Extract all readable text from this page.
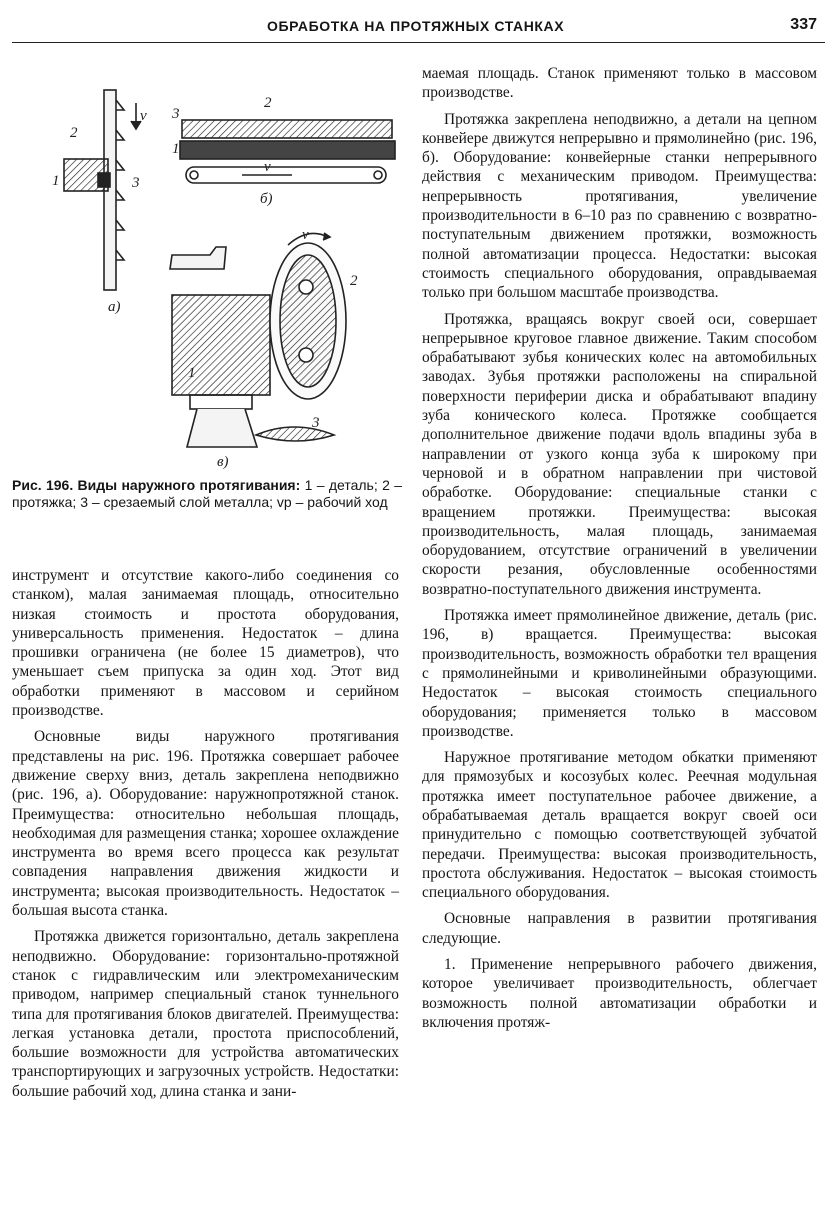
ОБРАБОТКА НА ПРОТЯЖНЫХ СТАНКАХ	337
2
1	3
v
а)
3
2
1
v
б)
v
2
1
3
в)
Рис. 196. Виды наружного протягивания: 1 – деталь; 2 – протяжка; 3 – срезаемый слой металла; vр – рабочий ход

инструмент и отсутствие какого-либо соединения со станком), малая занимаемая площадь, относительно низкая стоимость и простота оборудования, универсальность применения. Недостаток – длина прошивки ограничена (не более 15 диаметров), что уменьшает съем припуска за один ход. Этот вид обработки применяют в массовом и серийном производстве.

Основные виды наружного протягивания представлены на рис. 196. Протяжка совершает рабочее движение сверху вниз, деталь закреплена неподвижно (рис. 196, а). Оборудование: наружнопротяжной станок. Преимущества: относительно небольшая площадь, необходимая для размещения станка; хорошее охлаждение инструмента во время всего процесса как результат совпадения направления движения жидкости и инструмента; высокая производительность. Недостаток – большая высота станка.

Протяжка движется горизонтально, деталь закреплена неподвижно. Оборудование: горизонтально-протяжной станок с гидравлическим или электромеханическим приводом, например специальный станок туннельного типа для протягивания блоков двигателей. Преимущества: легкая установка детали, простота приспособлений, большие возможности для устройства автоматических транспортирующих и загрузочных устройств. Недостатки: большие рабочий ход, длина станка и зани-

маемая площадь. Станок применяют только в массовом производстве.

Протяжка закреплена неподвижно, а детали на цепном конвейере движутся непрерывно и прямолинейно (рис. 196, б). Оборудование: конвейерные станки непрерывного действия с механическим приводом. Преимущества: непрерывность протягивания, увеличение производительности в 6–10 раз по сравнению с возвратно-поступательным движением протяжки, возможность полной автоматизации процесса. Недостатки: высокая стоимость специального оборудования, оправдываемая только при большом масштабе производства.

Протяжка, вращаясь вокруг своей оси, совершает непрерывное круговое главное движение. Таким способом обрабатывают зубья конических колес на автомобильных заводах. Зубья протяжки расположены на спиральной поверхности периферии диска и обрабатывают впадину зуба конического колеса. Протяжке сообщается дополнительное движение подачи вдоль впадины зуба в направлении от узкого конца зуба к широкому при черновой и в обратном направлении при чистовой обработке. Оборудование: специальные станки с вращением протяжки. Преимущества: высокая производительность, малая площадь, занимаемая оборудованием, отсутствие ограничений в увеличении скорости резания, обусловленные особенностями возвратно-поступательного движения инструмента.

Протяжка имеет прямолинейное движение, деталь (рис. 196, в) вращается. Преимущества: высокая производительность, возможность обработки тел вращения с прямолинейными и криволинейными образующими. Недостаток – высокая стоимость специального оборудования; применяется только в массовом производстве.

Наружное протягивание методом обкатки применяют для прямозубых и косозубых колес. Реечная модульная протяжка имеет поступательное рабочее движение, а обрабатываемая деталь вращается вокруг своей оси принудительно с помощью соответствующей зубчатой передачи. Преимущества: высокая производительность, простота обслуживания. Недостаток – высокая стоимость специального оборудования.

Основные направления в развитии протягивания следующие.

1. Применение непрерывного рабочего движения, которое увеличивает производительность, облегчает возможность полной автоматизации обработки и включения протяж-
